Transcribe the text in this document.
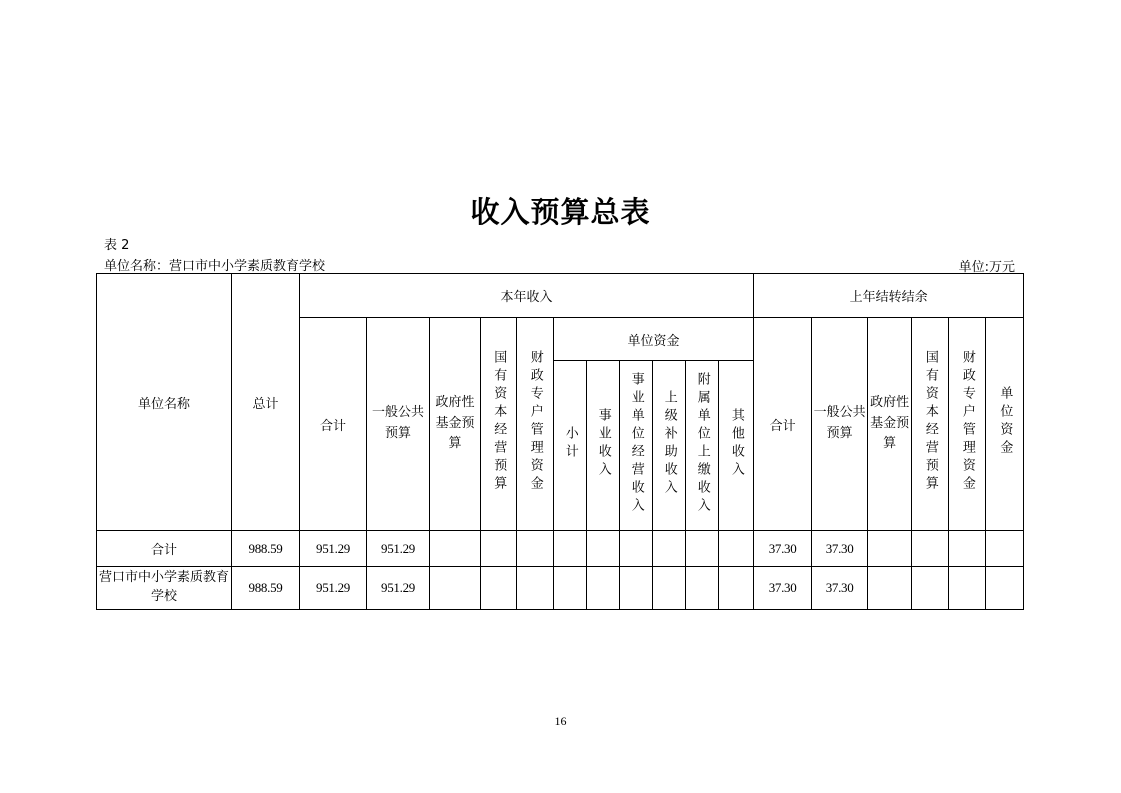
收入预算总表
表 2
单位名称：营口市中小学素质教育学校	单位:万元
单位名称	总计	本年收入											上年结转结余					
		合计	一般公共预算	政府性基金预算	国有资本经营预算	财政专户管理资金	单位资金						合计	一般公共预算	政府性基金预算	国有资本经营预算	财政专户管理资金	单位资金
							小计	事业收入	事业单位经营收入	上级补助收入	附属单位上缴收入	其他收入						
合计	988.59	951.29	951.29										37.30	37.30				
营口市中小学素质教育学校	988.59	951.29	951.29										37.30	37.30				
16
